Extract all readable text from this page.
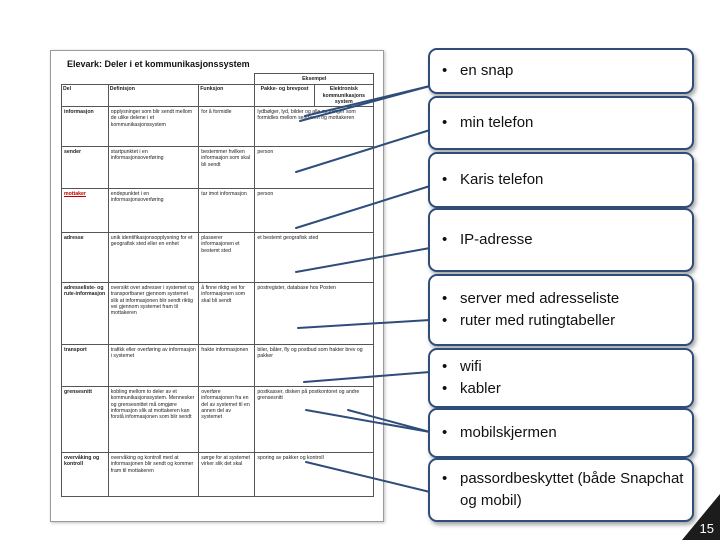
Elevark: Deler i et kommunikasjonssystem
			Eksempel	
Del	Definisjon	Funksjon	Pakke- og brevpost	Elektronisk kommunikasjons system
informasjon	opplysninger som blir sendt mellom de ulike delene i et kommunikasjonssystem	for å formidle	lydbølger, lyd, bilder og alle meldinger som formidles mellom senderen og mottakeren	
sender	startpunktet i en informasjonsoverføring	bestemmer hvilken informasjon som skal bli sendt	person	
mottaker	endepunktet i en informasjonsoverføring	tar imot informasjon	person	
adresse	unik identifikasjonsopplysning for et geografisk sted eller en enhet	plasserer informasjonen et bestemt sted	et bestemt geografisk sted	
adresseliste- og rute-informasjon	oversikt over adresser i systemet og transportbaner gjennom systemet slik at informasjonen blir sendt riktig vei gjennom systemet fram til mottakeren	å finne riktig vei for informasjonen som skal bli sendt	postregister, database hos Posten	
transport	trafikk eller overføring av informasjon i systemet	frakte informasjonen	biler, båter, fly og postbud som frakter brev og pakker	
grensesnitt	kobling mellom to deler av et kommunikasjonssystem. Mennesker og grensesnittet må omgjøre informasjon slik at mottakeren kan forstå informasjonen som blir sendt	overføre informasjonen fra en del av systemet til en annen del av systemet	postkasser, disken på postkontoret og andre grensesnitt	
overvåking og kontroll	overvåking og kontroll med at informasjonen blir sendt og kommer fram til mottakeren	sørge for at systemet virker slik det skal	sporing av pakker og kontroll	
• en snap
• min telefon
• Karis telefon
• IP-adresse
• server med adresseliste
• ruter med rutingtabeller
• wifi
• kabler
• mobilskjermen
• passordbeskyttet (både Snapchat og mobil)
15
